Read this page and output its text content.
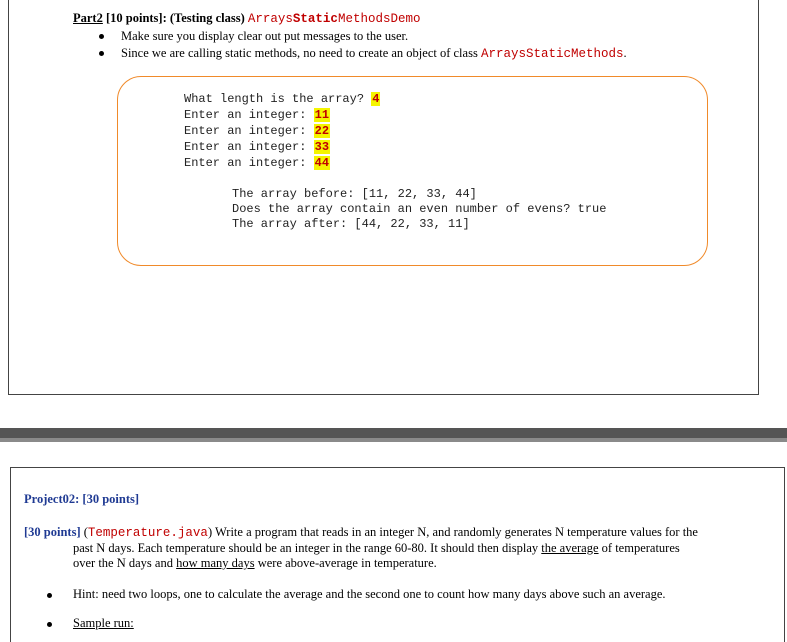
Part2 [10 points]: (Testing class) ArraysStaticMethodsDemo
Make sure you display clear out put messages to the user.
Since we are calling static methods, no need to create an object of class ArraysStaticMethods.
What length is the array? 4
Enter an integer: 11
Enter an integer: 22
Enter an integer: 33
Enter an integer: 44
The array before: [11, 22, 33, 44]
Does the array contain an even number of evens? true
The array after: [44, 22, 33, 11]
Project02: [30 points]
[30 points] (Temperature.java) Write a program that reads in an integer N, and randomly generates N temperature values for the
past N days. Each temperature should be an integer in the range 60-80. It should then display the average of temperatures
over the N days and how many days were above-average in temperature.
Hint: need two loops, one to calculate the average and the second one to count how many days above such an average.
Sample run:
